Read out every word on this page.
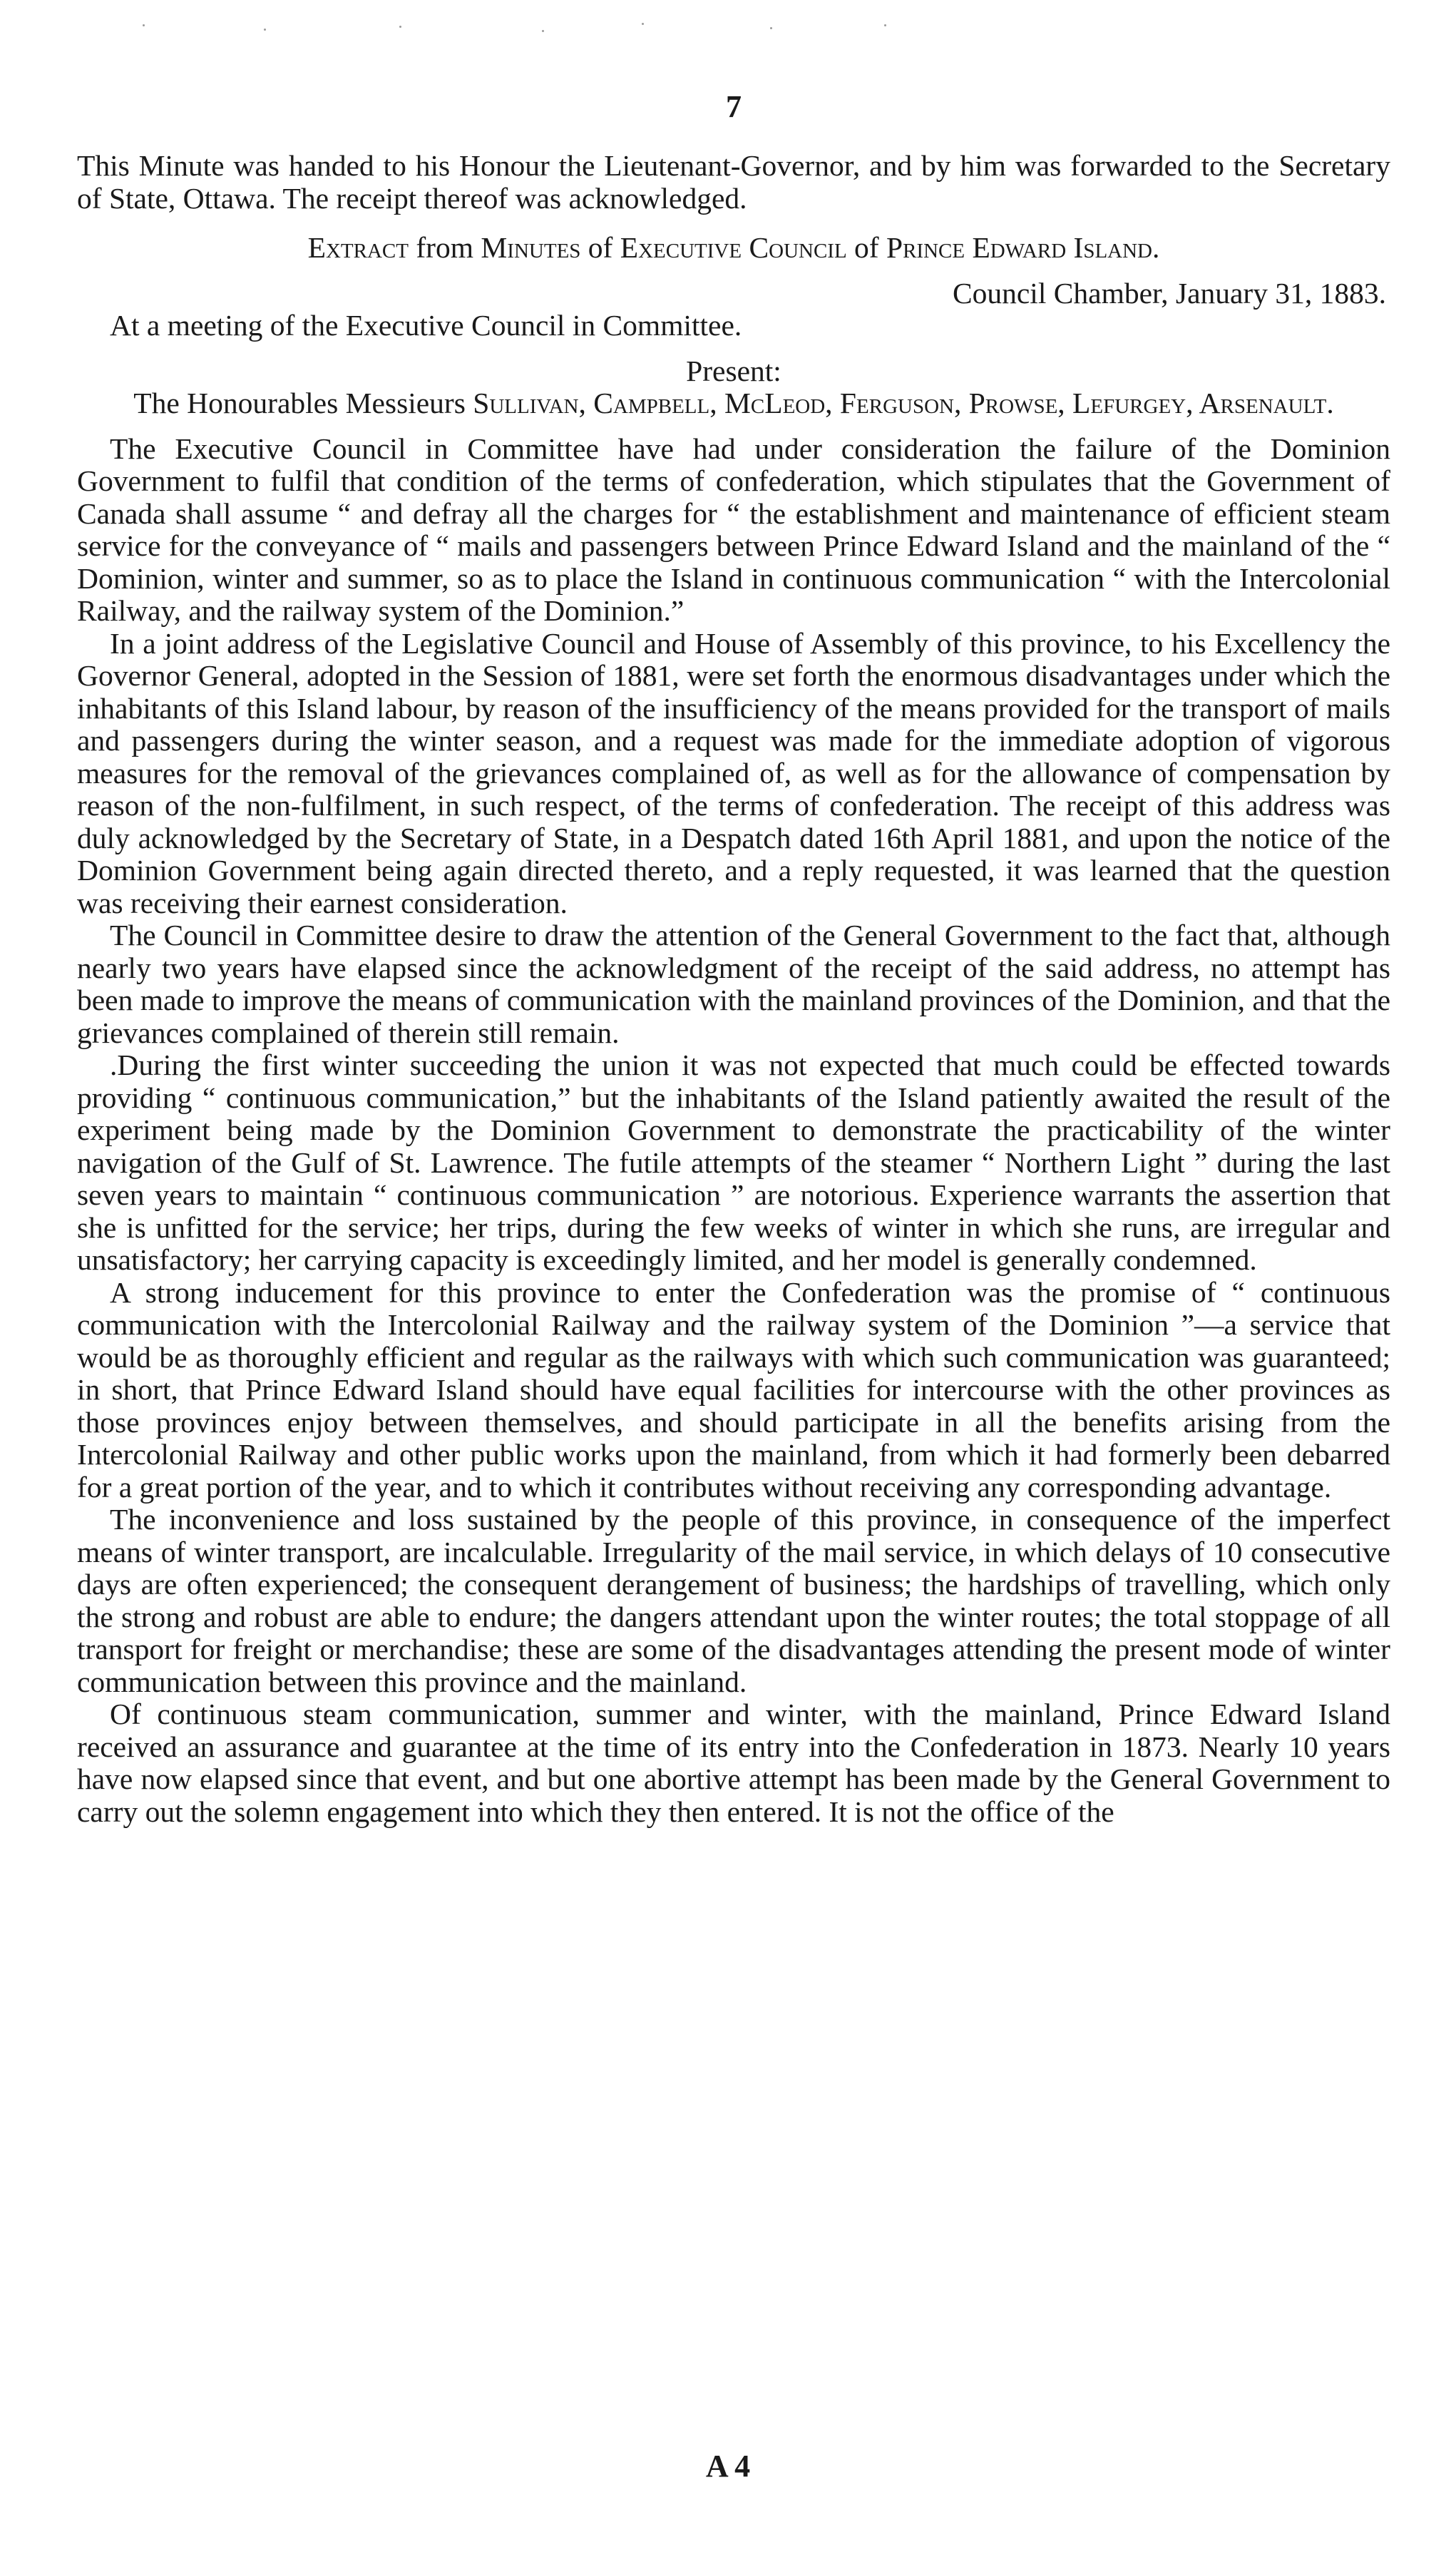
7

This Minute was handed to his Honour the Lieutenant-Governor, and by him was forwarded to the Secretary of State, Ottawa. The receipt thereof was acknowledged.

Extract from Minutes of Executive Council of Prince Edward Island.
Council Chamber, January 31, 1883.
At a meeting of the Executive Council in Committee.
Present:
The Honourables Messieurs Sullivan, Campbell, McLeod, Ferguson, Prowse, Lefurgey, Arsenault.

The Executive Council in Committee have had under consideration the failure of the Dominion Government to fulfil that condition of the terms of confederation, which stipulates that the Government of Canada shall assume “ and defray all the charges for “ the establishment and maintenance of efficient steam service for the conveyance of “ mails and passengers between Prince Edward Island and the mainland of the “ Dominion, winter and summer, so as to place the Island in continuous communication “ with the Intercolonial Railway, and the railway system of the Dominion.”

In a joint address of the Legislative Council and House of Assembly of this province, to his Excellency the Governor General, adopted in the Session of 1881, were set forth the enormous disadvantages under which the inhabitants of this Island labour, by reason of the insufficiency of the means provided for the transport of mails and passengers during the winter season, and a request was made for the immediate adoption of vigorous measures for the removal of the grievances complained of, as well as for the allowance of compensation by reason of the non-fulfilment, in such respect, of the terms of confederation. The receipt of this address was duly acknowledged by the Secretary of State, in a Despatch dated 16th April 1881, and upon the notice of the Dominion Government being again directed thereto, and a reply requested, it was learned that the question was receiving their earnest consideration.

The Council in Committee desire to draw the attention of the General Government to the fact that, although nearly two years have elapsed since the acknowledgment of the receipt of the said address, no attempt has been made to improve the means of communication with the mainland provinces of the Dominion, and that the grievances complained of therein still remain.

.During the first winter succeeding the union it was not expected that much could be effected towards providing “ continuous communication,” but the inhabitants of the Island patiently awaited the result of the experiment being made by the Dominion Government to demonstrate the practicability of the winter navigation of the Gulf of St. Lawrence. The futile attempts of the steamer “ Northern Light ” during the last seven years to maintain “ continuous communication ” are notorious. Experience warrants the assertion that she is unfitted for the service; her trips, during the few weeks of winter in which she runs, are irregular and unsatisfactory; her carrying capacity is exceedingly limited, and her model is generally condemned.

A strong inducement for this province to enter the Confederation was the promise of “ continuous communication with the Intercolonial Railway and the railway system of the Dominion ”—a service that would be as thoroughly efficient and regular as the railways with which such communication was guaranteed; in short, that Prince Edward Island should have equal facilities for intercourse with the other provinces as those provinces enjoy between themselves, and should participate in all the benefits arising from the Intercolonial Railway and other public works upon the mainland, from which it had formerly been debarred for a great portion of the year, and to which it contributes without receiving any corresponding advantage.

The inconvenience and loss sustained by the people of this province, in consequence of the imperfect means of winter transport, are incalculable. Irregularity of the mail service, in which delays of 10 consecutive days are often experienced; the consequent derangement of business; the hardships of travelling, which only the strong and robust are able to endure; the dangers attendant upon the winter routes; the total stoppage of all transport for freight or merchandise; these are some of the disadvantages attending the present mode of winter communication between this province and the mainland.

Of continuous steam communication, summer and winter, with the mainland, Prince Edward Island received an assurance and guarantee at the time of its entry into the Confederation in 1873. Nearly 10 years have now elapsed since that event, and but one abortive attempt has been made by the General Government to carry out the solemn engagement into which they then entered. It is not the office of the

A 4
